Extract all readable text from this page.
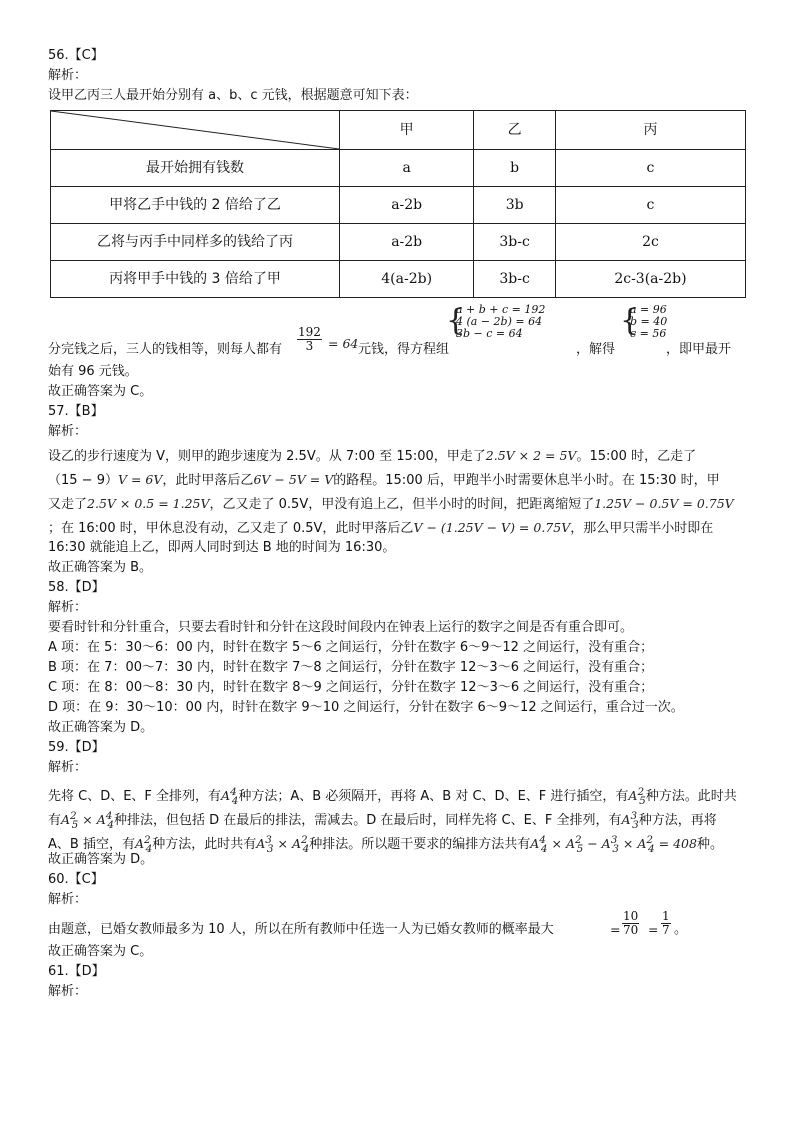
56.【C】
解析：
设甲乙丙三人最开始分别有 a、b、c 元钱，根据题意可知下表：
	甲	乙	丙
最开始拥有钱数	a	b	c
甲将乙手中钱的 2 倍给了乙	a-2b	3b	c
乙将与丙手中同样多的钱给了丙	a-2b	3b-c	2c
丙将甲手中钱的 3 倍给了甲	4(a-2b)	3b-c	2c-3(a-2b)
分完钱之后，三人的钱相等，则每人都有 $\frac{192}{3} = 64$ 元钱，得方程组
{
a + b + c = 192
4 (a − 2b) = 64
3b − c = 64
，解得
{
a = 96
b = 40
c = 56
，即甲最开
始有 96 元钱。
故正确答案为 C。
57.【B】
解析：
设乙的步行速度为 V，则甲的跑步速度为 2.5V。从 7:00 至 15:00，甲走了2.5V × 2 = 5V。15:00 时，乙走了
（15 − 9）V = 6V，此时甲落后乙6V − 5V = V的路程。15:00 后，甲跑半小时需要休息半小时。在 15:30 时，甲
又走了2.5V × 0.5 = 1.25V，乙又走了 0.5V，甲没有追上乙，但半小时的时间，把距离缩短了1.25V − 0.5V = 0.75V
；在 16:00 时，甲休息没有动，乙又走了 0.5V，此时甲落后乙V − (1.25V − V) = 0.75V，那么甲只需半小时即在
16:30 就能追上乙，即两人同时到达 B 地的时间为 16:30。
故正确答案为 B。
58.【D】
解析：
要看时针和分针重合，只要去看时针和分针在这段时间段内在钟表上运行的数字之间是否有重合即可。
A 项：在 5：30～6：00 内，时针在数字 5～6 之间运行，分针在数字 6～9～12 之间运行，没有重合；
B 项：在 7：00～7：30 内，时针在数字 7～8 之间运行，分针在数字 12～3～6 之间运行，没有重合；
C 项：在 8：00～8：30 内，时针在数字 8～9 之间运行，分针在数字 12～3～6 之间运行，没有重合；
D 项：在 9：30～10：00 内，时针在数字 9～10 之间运行，分针在数字 6～9～12 之间运行，重合过一次。
故正确答案为 D。
59.【D】
解析：
先将 C、D、E、F 全排列，有$A^4_4$种方法；A、B 必须隔开，再将 A、B 对 C、D、E、F 进行插空，有$A^2_5$种方法。此时共
有$A^2_5 \times A^4_4$种排法，但包括 D 在最后的排法，需减去。D 在最后时，同样先将 C、E、F 全排列，有$A^3_3$种方法，再将
A、B 插空，有$A^2_4$种方法，此时共有$A^3_3 \times A^2_4$种排法。所以题干要求的编排方法共有$A^4_4 \times A^2_5 - A^3_3 \times A^2_4 = 408$种。
故正确答案为 D。
60.【C】
解析：
由题意，已婚女教师最多为 10 人，所以在所有教师中任选一人为已婚女教师的概率最大	= $\frac{10}{70} = \frac{1}{7}$ 。
故正确答案为 C。
61.【D】
解析：
